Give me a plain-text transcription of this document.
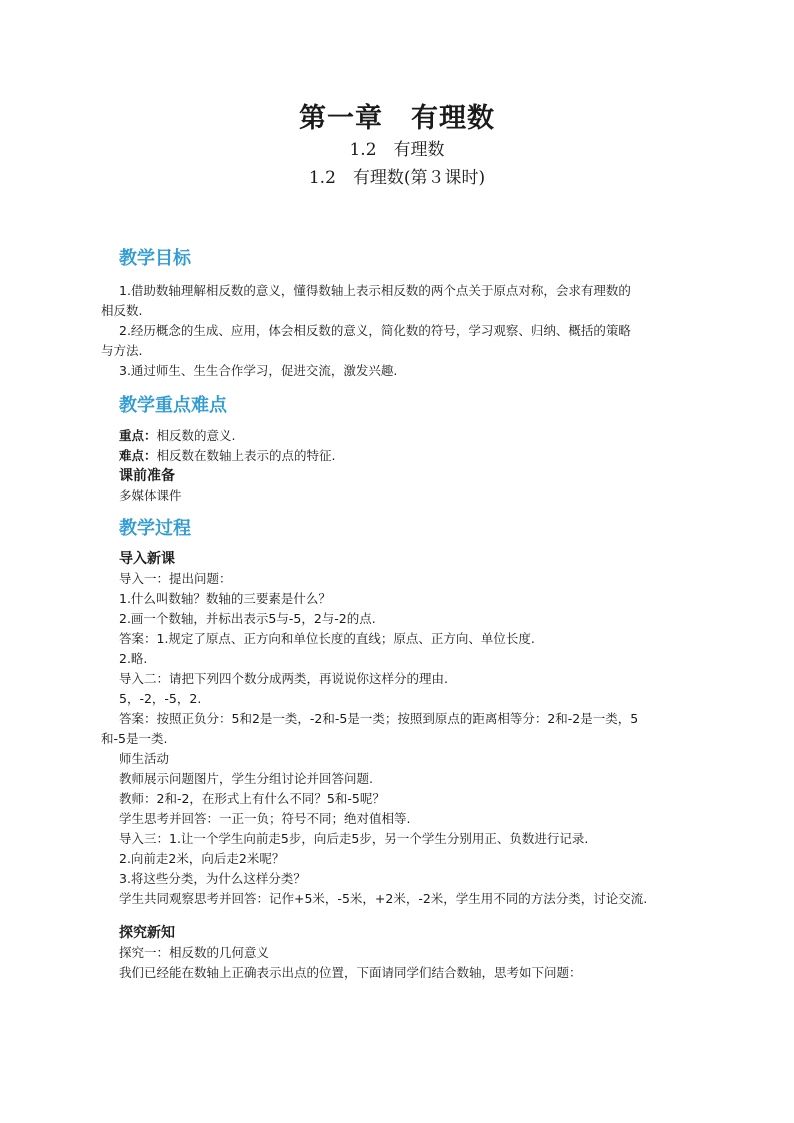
第一章　有理数
1.2　有理数
1.2　有理数(第３课时)
教学目标

1.借助数轴理解相反数的意义，懂得数轴上表示相反数的两个点关于原点对称，会求有理数的

相反数.

2.经历概念的生成、应用，体会相反数的意义，简化数的符号，学习观察、归纳、概括的策略

与方法.

3.通过师生、生生合作学习，促进交流，激发兴趣.

教学重点难点

重点：相反数的意义.

难点：相反数在数轴上表示的点的特征.

课前准备

多媒体课件

教学过程

导入新课

导入一：提出问题：

1.什么叫数轴？数轴的三要素是什么？

2.画一个数轴，并标出表示5与-5，2与-2的点.

答案：1.规定了原点、正方向和单位长度的直线；原点、正方向、单位长度.

2.略.

导入二：请把下列四个数分成两类，再说说你这样分的理由.

5，-2，-5，2.

答案：按照正负分：5和2是一类，-2和-5是一类；按照到原点的距离相等分：2和-2是一类，5

和-5是一类.

师生活动

教师展示问题图片，学生分组讨论并回答问题.

教师：2和-2，在形式上有什么不同？5和-5呢？

学生思考并回答：一正一负；符号不同；绝对值相等.

导入三：1.让一个学生向前走5步，向后走5步，另一个学生分别用正、负数进行记录.

2.向前走2米，向后走2米呢？

3.将这些分类，为什么这样分类？

学生共同观察思考并回答：记作+5米，-5米，+2米，-2米，学生用不同的方法分类，讨论交流.

探究新知

探究一：相反数的几何意义

我们已经能在数轴上正确表示出点的位置，下面请同学们结合数轴，思考如下问题：
